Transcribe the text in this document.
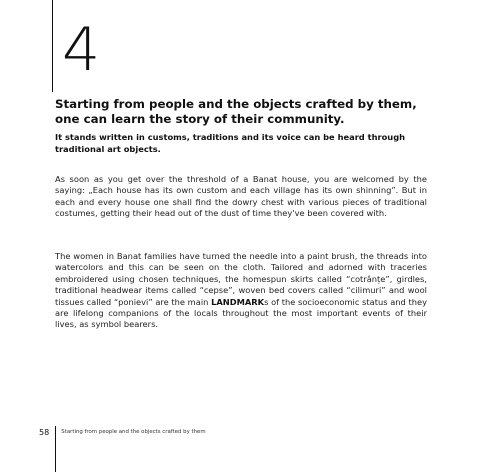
4
Starting from people and the objects crafted by them, one can learn the story of their community.
It stands written in customs, traditions and its voice can be heard through traditional art objects.

As soon as you get over the threshold of a Banat house, you are welcomed by the saying: „Each house has its own custom and each village has its own shinning”. But in each and every house one shall find the dowry chest with various pieces of traditional costumes, getting their head out of the dust of time they've been covered with.

The women in Banat families have turned the needle into a paint brush, the threads into watercolors and this can be seen on the cloth. Tailored and adorned with traceries embroidered using chosen techniques, the homespun skirts called “cotrânțe”, girdles, traditional headwear items called “cepse”, woven bed covers called “cilimuri” and wool tissues called “ponievi” are the main LANDMARKs of the socioeconomic status and they are lifelong companions of the locals throughout the most important events of their lives, as symbol bearers.

58	Starting from people and the objects crafted by them
